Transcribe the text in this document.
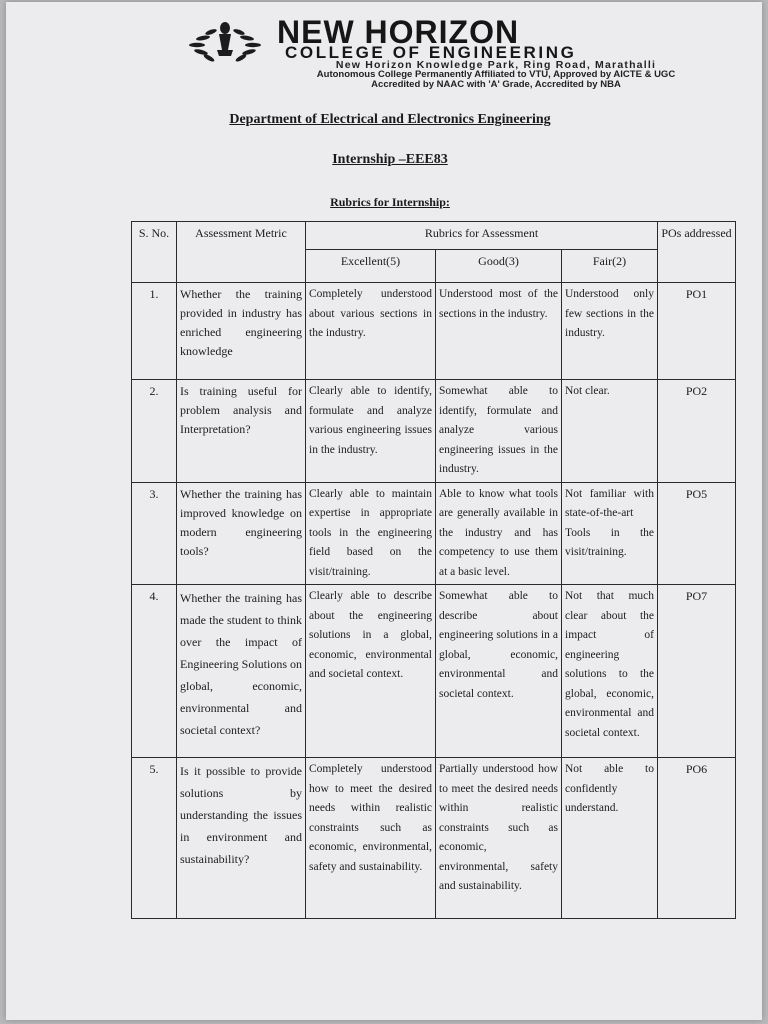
NEW HORIZON
COLLEGE OF ENGINEERING
New Horizon Knowledge Park, Ring Road, Marathalli
Autonomous College Permanently Affiliated to VTU, Approved by AICTE & UGC
Accredited by NAAC with 'A' Grade, Accredited by NBA
Department of Electrical and Electronics Engineering
Internship –EEE83
Rubrics for Internship:
S. No.	Assessment Metric	Rubrics for Assessment			POs addressed
		Excellent(5)	Good(3)	Fair(2)	
1.	Whether the training provided in industry has enriched engineering knowledge	Completely understood about various sections in the industry.	Understood most of the sections in the industry.	Understood only few sections in the industry.	PO1
2.	Is training useful for problem analysis and Interpretation?	Clearly able to identify, formulate and analyze various engineering issues in the industry.	Somewhat able to identify, formulate and analyze various engineering issues in the industry.	Not clear.	PO2
3.	Whether the training has improved knowledge on modern engineering tools?	Clearly able to maintain expertise in appropriate tools in the engineering field based on the visit/training.	Able to know what tools are generally available in the industry and has competency to use them at a basic level.	Not familiar with state-of-the-art Tools in the visit/training.	PO5
4.	Whether the training has made the student to think over the impact of Engineering Solutions on global, economic, environmental and societal context?	Clearly able to describe about the engineering solutions in a global, economic, environmental and societal context.	Somewhat able to describe about engineering solutions in a global, economic, environmental and societal context.	Not that much clear about the impact of engineering solutions to the global, economic, environmental and societal context.	PO7
5.	Is it possible to provide solutions by understanding the issues in environment and sustainability?	Completely understood how to meet the desired needs within realistic constraints such as economic, environmental, safety and sustainability.	Partially understood how to meet the desired needs within realistic constraints such as economic, environmental, safety and sustainability.	Not able to confidently understand.	PO6
